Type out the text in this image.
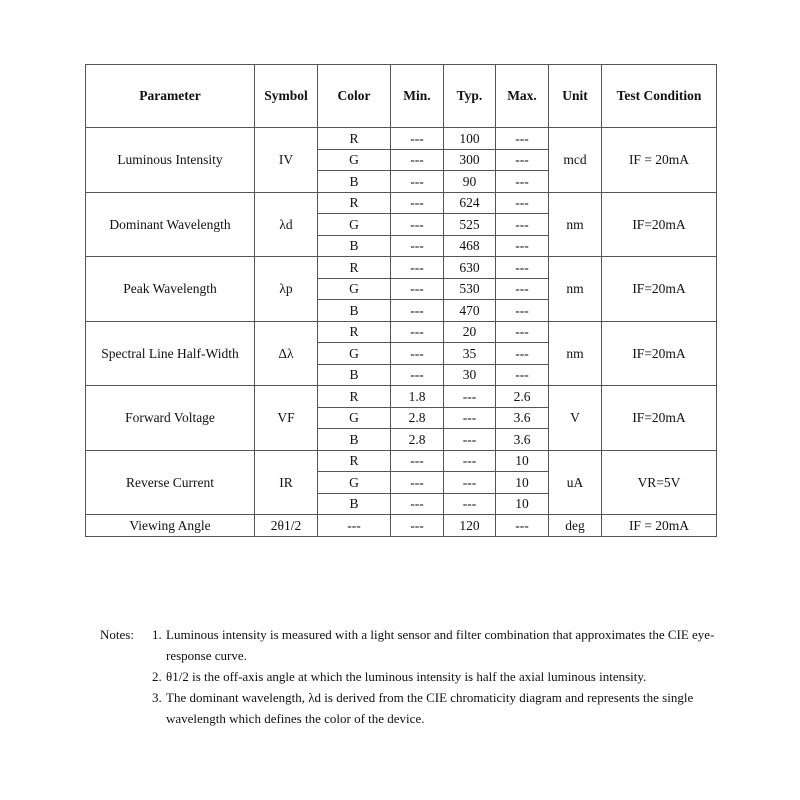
Parameter	Symbol	Color	Min.	Typ.	Max.	Unit	Test Condition
Luminous Intensity	IV	R	---	100	---	mcd	IF = 20mA
		G	---	300	---		
		B	---	90	---		
Dominant Wavelength	λd	R	---	624	---	nm	IF=20mA
		G	---	525	---		
		B	---	468	---		
Peak Wavelength	λp	R	---	630	---	nm	IF=20mA
		G	---	530	---		
		B	---	470	---		
Spectral Line Half-Width	Δλ	R	---	20	---	nm	IF=20mA
		G	---	35	---		
		B	---	30	---		
Forward Voltage	VF	R	1.8	---	2.6	V	IF=20mA
		G	2.8	---	3.6		
		B	2.8	---	3.6		
Reverse Current	IR	R	---	---	10	uA	VR=5V
		G	---	---	10		
		B	---	---	10		
Viewing Angle	2θ1/2	---	---	120	---	deg	IF = 20mA
Notes:	1. Luminous intensity is measured with a light sensor and filter combination that approximates the CIE eye-response curve.
2. θ1/2 is the off-axis angle at which the luminous intensity is half the axial luminous intensity.
3. The dominant wavelength, λd is derived from the CIE chromaticity diagram and represents the single wavelength which defines the color of the device.
